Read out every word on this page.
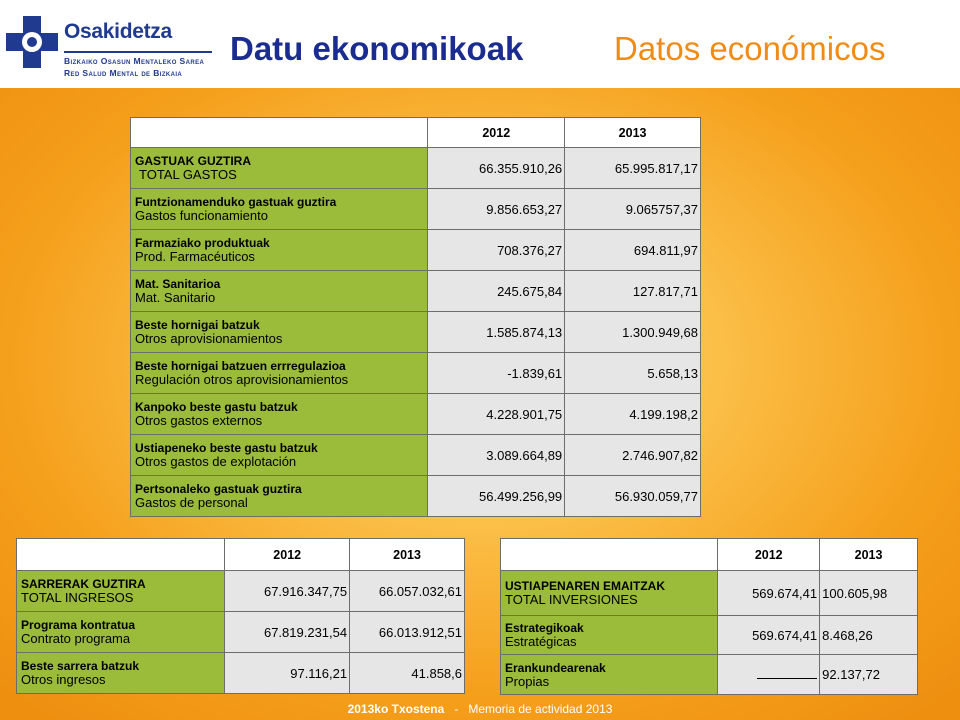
Osakidetza
Bizkaiko Osasun Mentaleko Sarea
Red Salud Mental de Bizkaia
Datu ekonomikoak	Datos económicos
	2012	2013

GASTUAK GUZTIRA
TOTAL GASTOS	66.355.910,26	65.995.817,17

Funtzionamenduko gastuak guztira
Gastos funcionamiento	9.856.653,27	9.065757,37

Farmaziako produktuak
Prod. Farmacéuticos	708.376,27	694.811,97

Mat. Sanitarioa
Mat. Sanitario	245.675,84	127.817,71

Beste hornigai batzuk
Otros aprovisionamientos	1.585.874,13	1.300.949,68

Beste hornigai batzuen errregulazioa
Regulación otros aprovisionamientos	-1.839,61	5.658,13

Kanpoko beste gastu batzuk
Otros gastos externos	4.228.901,75	4.199.198,2

Ustiapeneko beste gastu batzuk
Otros gastos de explotación	3.089.664,89	2.746.907,82

Pertsonaleko gastuak guztira
Gastos de personal	56.499.256,99	56.930.059,77
	2012	2013

SARRERAK GUZTIRA
TOTAL INGRESOS	67.916.347,75	66.057.032,61

Programa kontratua
Contrato programa	67.819.231,54	66.013.912,51

Beste sarrera batzuk
Otros ingresos	97.116,21	41.858,6
	2012	2013

USTIAPENAREN EMAITZAK
TOTAL INVERSIONES	569.674,41	100.605,98

Estrategikoak
Estratégicas	569.674,41	8.468,26

Erankundearenak
Propias		92.137,72
2013ko Txostena - Memoria de actividad 2013
